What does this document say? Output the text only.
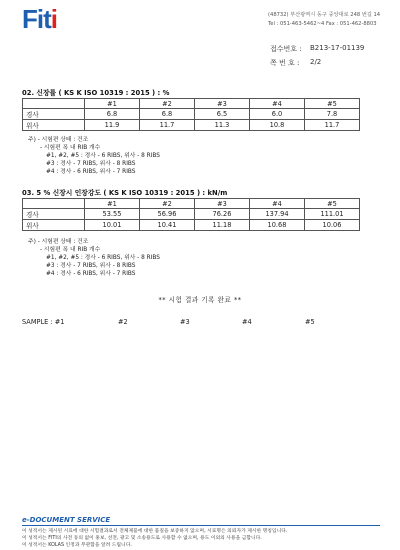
Fiti	(48732) 부산광역시 동구 중앙대로 248 번길 14
Tel : 051-463-5462~4 Fax : 051-462-8803
접수번호 : B213-17-01139
쪽 번 호 : 2/2
02. 신장률 ( KS K ISO 10319 : 2015 ) : %
	#1	#2	#3	#4	#5
경사	6.8	6.8	6.5	6.0	7.8
위사	11.9	11.7	11.3	10.8	11.7
주) - 시험편 상태 : 건조
- 시험편 폭 내 RIB 개수
#1, #2, #5 : 경사 - 6 RIBS, 위사 - 8 RIBS
#3 : 경사 - 7 RIBS, 위사 - 8 RIBS
#4 : 경사 - 6 RIBS, 위사 - 7 RIBS
03. 5 % 신장시 인장강도 ( KS K ISO 10319 : 2015 ) : kN/m
	#1	#2	#3	#4	#5
경사	53.55	56.96	76.26	137.94	111.01
위사	10.01	10.41	11.18	10.68	10.06
주) - 시험편 상태 : 건조
- 시험편 폭 내 RIB 개수
#1, #2, #5 : 경사 - 6 RIBS, 위사 - 8 RIBS
#3 : 경사 - 7 RIBS, 위사 - 8 RIBS
#4 : 경사 - 6 RIBS, 위사 - 7 RIBS
** 시험 결과 기록 완료 **
SAMPLE : #1	#2	#3	#4	#5
e-DOCUMENT SERVICE
이 성적서는 제시된 시료에 대한 시험결과로서 전체제품에 대한 품질을 보증하지 않으며, 시료명은 의뢰자가 제시한 명칭입니다.
이 성적서는 FITI의 사전 동의 없이 홍보, 선전, 광고 및 소송용도로 사용할 수 없으며, 용도 이외의 사용을 금합니다.
이 성적서는 KOLAS 인정과 무관함을 알려 드립니다.
